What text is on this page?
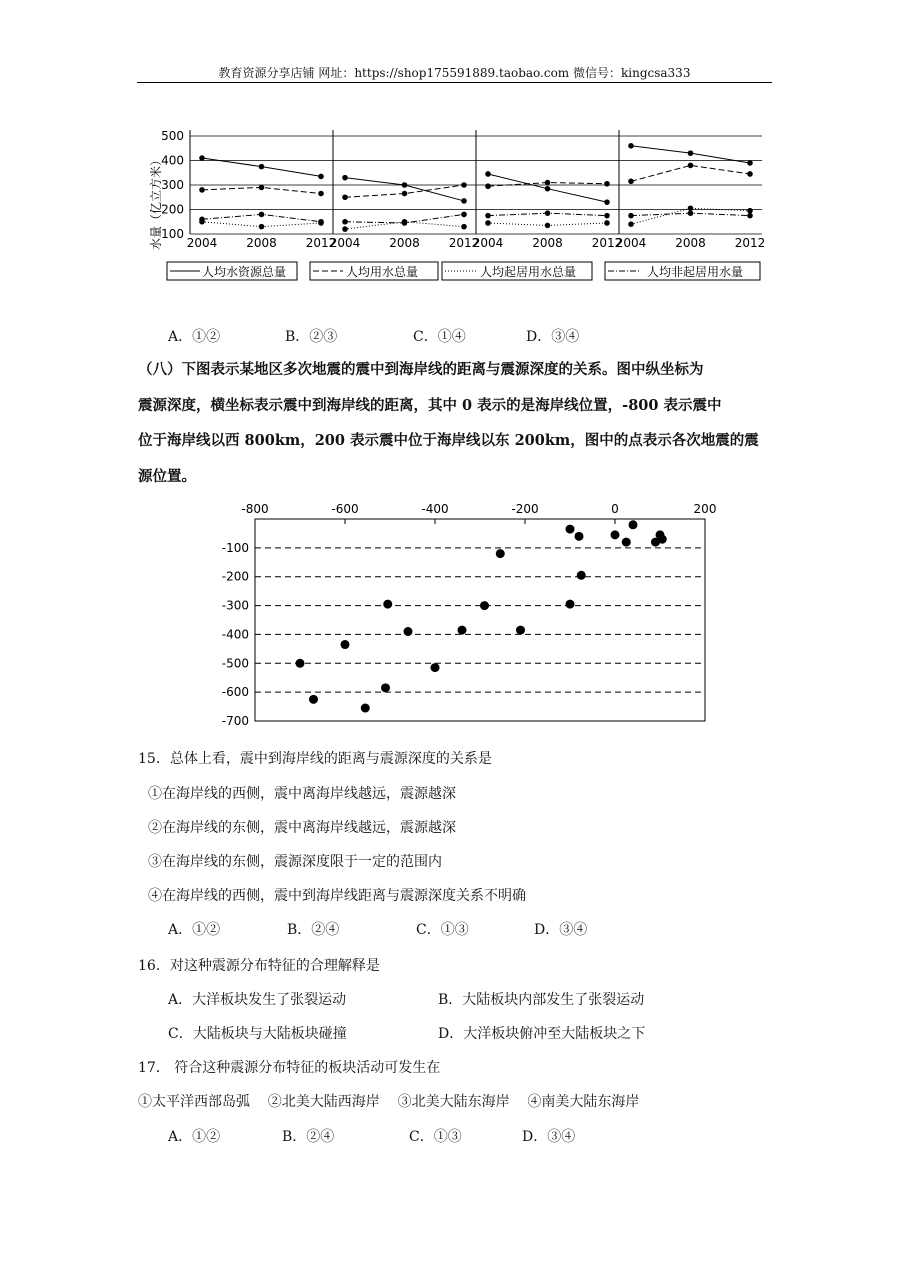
教育资源分享店铺 网址：https://shop175591889.taobao.com 微信号：kingcsa333
水量（亿立方米）
500
400
300
200
100
2004 2008 2012
2004 2008 2012
2004 2008 2012
2004 2008 2012
人均水资源总量	人均用水总量	人均起居用水总量	人均非起居用水量
A．①②	B．②③	C．①④	D．③④
（八）下图表示某地区多次地震的震中到海岸线的距离与震源深度的关系。图中纵坐标为
震源深度，横坐标表示震中到海岸线的距离，其中 0 表示的是海岸线位置，-800 表示震中
位于海岸线以西 800km，200 表示震中位于海岸线以东 200km，图中的点表示各次地震的震
源位置。
-800	-600	-400	-200	0	200
-100
-200
-300
-400
-500
-600
-700
15．总体上看，震中到海岸线的距离与震源深度的关系是
①在海岸线的西侧，震中离海岸线越远，震源越深
②在海岸线的东侧，震中离海岸线越远，震源越深
③在海岸线的东侧，震源深度限于一定的范围内
④在海岸线的西侧，震中到海岸线距离与震源深度关系不明确
A．①②	B．②④	C．①③	D．③④
16．对这种震源分布特征的合理解释是
A．大洋板块发生了张裂运动	B．大陆板块内部发生了张裂运动
C．大陆板块与大陆板块碰撞	D．大洋板块俯冲至大陆板块之下
17． 符合这种震源分布特征的板块活动可发生在
①太平洋西部岛弧    ②北美大陆西海岸    ③北美大陆东海岸    ④南美大陆东海岸
A．①②	B．②④	C．①③	D．③④
